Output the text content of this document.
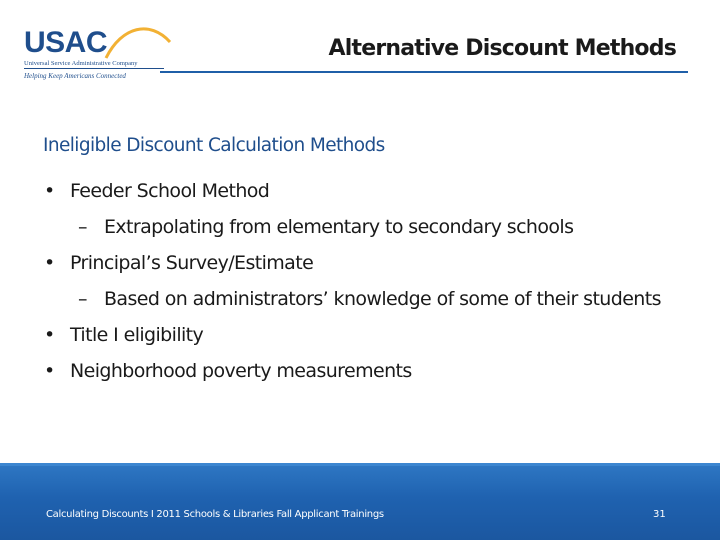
USAC
Universal Service Administrative Company
Helping Keep Americans Connected
Alternative Discount Methods
Ineligible Discount Calculation Methods
• Feeder School Method
– Extrapolating from elementary to secondary schools
• Principal’s Survey/Estimate
– Based on administrators’ knowledge of some of their students
• Title I eligibility
• Neighborhood poverty measurements
Calculating Discounts I 2011 Schools & Libraries Fall Applicant Trainings	31
